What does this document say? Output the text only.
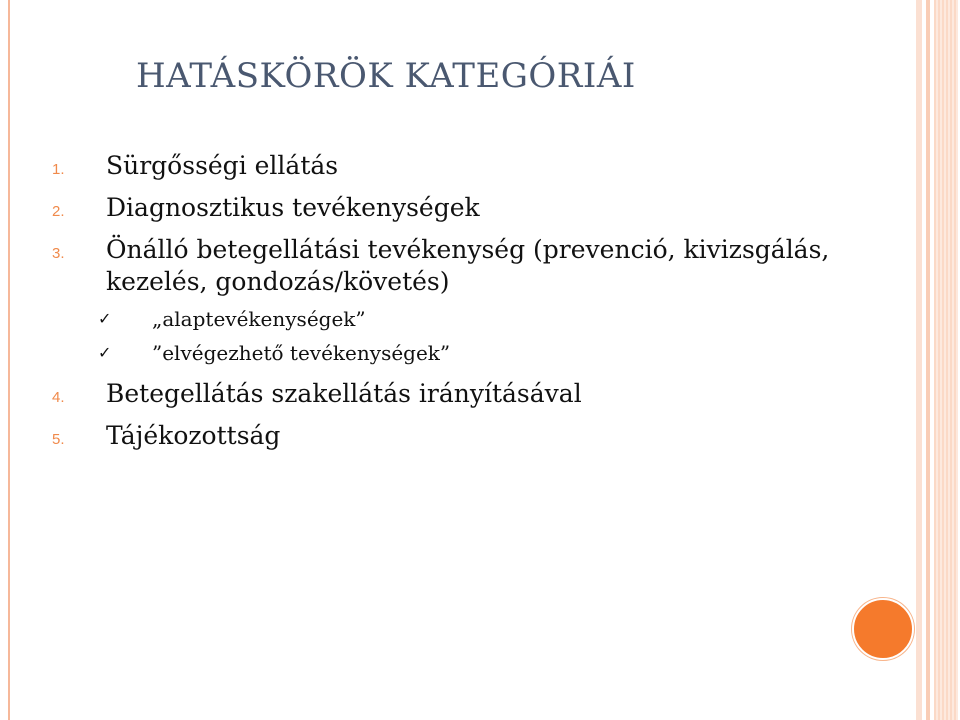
HATÁSKÖRÖK KATEGÓRIÁI
1. Sürgősségi ellátás
2. Diagnosztikus tevékenységek
3. Önálló betegellátási tevékenység (prevenció, kivizsgálás, kezelés, gondozás/követés)
✓ „alaptevékenységek”
✓ ”elvégezhető tevékenységek”
4. Betegellátás szakellátás irányításával
5. Tájékozottság
